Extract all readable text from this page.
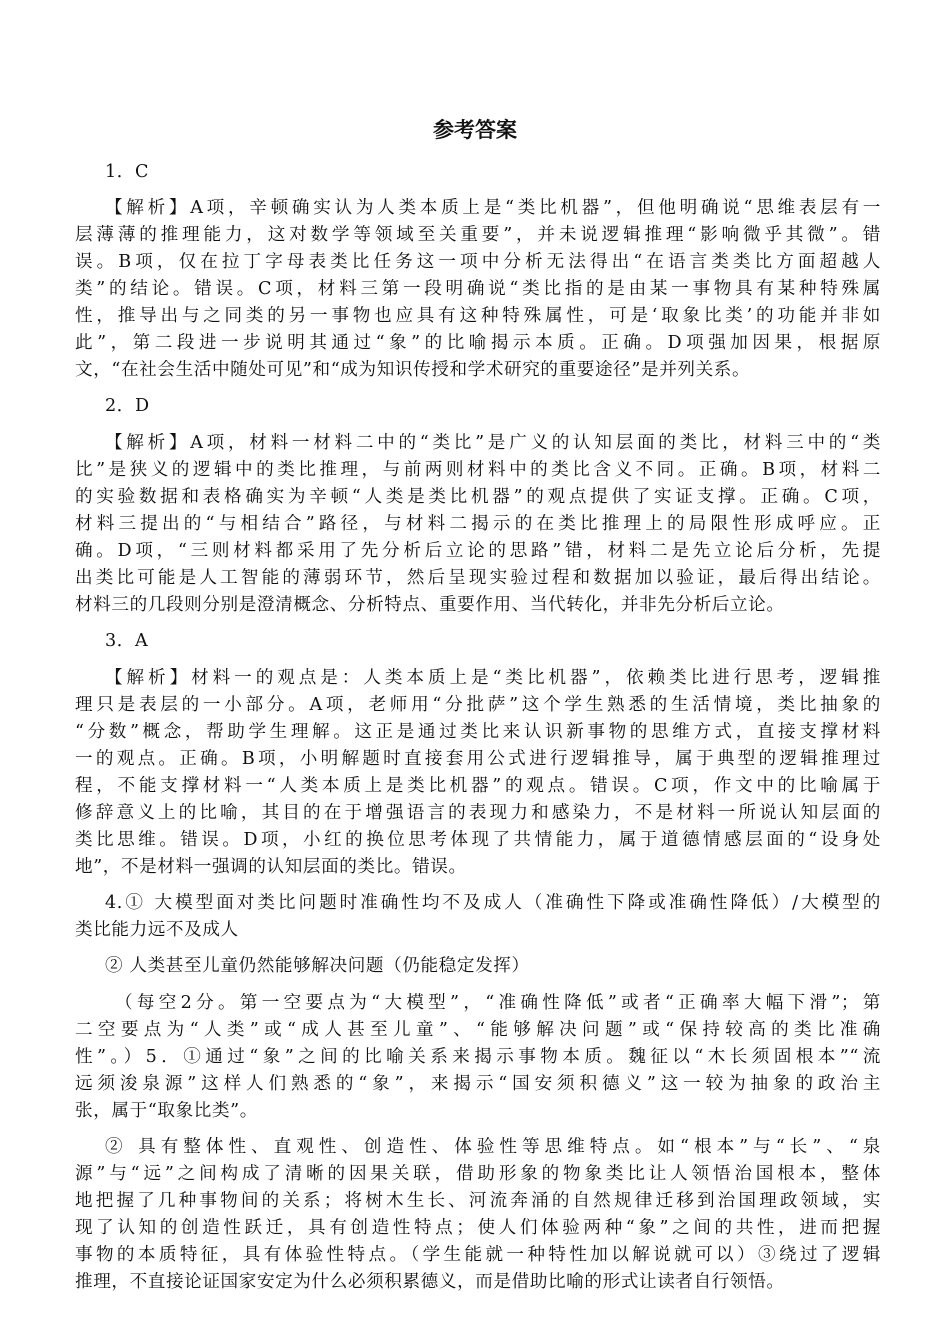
参考答案
1．C
【解析】A项，辛顿确实认为人类本质上是“类比机器”，但他明确说“思维表层有一
层薄薄的推理能力，这对数学等领域至关重要”，并未说逻辑推理“影响微乎其微”。错
误。B项，仅在拉丁字母表类比任务这一项中分析无法得出“在语言类类比方面超越人
类”的结论。错误。C项，材料三第一段明确说“类比指的是由某一事物具有某种特殊属
性，推导出与之同类的另一事物也应具有这种特殊属性，可是‘取象比类’的功能并非如
此”，第二段进一步说明其通过“象”的比喻揭示本质。正确。D项强加因果，根据原
文，“在社会生活中随处可见”和“成为知识传授和学术研究的重要途径”是并列关系。
2．D
【解析】A项，材料一材料二中的“类比”是广义的认知层面的类比，材料三中的“类
比”是狭义的逻辑中的类比推理，与前两则材料中的类比含义不同。正确。B项，材料二
的实验数据和表格确实为辛顿“人类是类比机器”的观点提供了实证支撑。正确。C项，
材料三提出的“与相结合”路径，与材料二揭示的在类比推理上的局限性形成呼应。正
确。D项，“三则材料都采用了先分析后立论的思路”错，材料二是先立论后分析，先提
出类比可能是人工智能的薄弱环节，然后呈现实验过程和数据加以验证，最后得出结论。
材料三的几段则分别是澄清概念、分析特点、重要作用、当代转化，并非先分析后立论。
3．A
【解析】材料一的观点是：人类本质上是“类比机器”，依赖类比进行思考，逻辑推
理只是表层的一小部分。A项，老师用“分批萨”这个学生熟悉的生活情境，类比抽象的
“分数”概念，帮助学生理解。这正是通过类比来认识新事物的思维方式，直接支撑材料
一的观点。正确。B项，小明解题时直接套用公式进行逻辑推导，属于典型的逻辑推理过
程，不能支撑材料一“人类本质上是类比机器”的观点。错误。C项，作文中的比喻属于
修辞意义上的比喻，其目的在于增强语言的表现力和感染力，不是材料一所说认知层面的
类比思维。错误。D项，小红的换位思考体现了共情能力，属于道德情感层面的“设身处
地”，不是材料一强调的认知层面的类比。错误。
4.① 大模型面对类比问题时准确性均不及成人（准确性下降或准确性降低）/大模型的
类比能力远不及成人
② 人类甚至儿童仍然能够解决问题（仍能稳定发挥）
（每空2分。第一空要点为“大模型”，“准确性降低”或者“正确率大幅下滑”；第
二空要点为“人类”或“成人甚至儿童”、“能够解决问题”或“保持较高的类比准确
性”。）5．①通过“象”之间的比喻关系来揭示事物本质。魏征以“木长须固根本”“流
远须浚泉源”这样人们熟悉的“象”，来揭示“国安须积德义”这一较为抽象的政治主
张，属于“取象比类”。
② 具有整体性、直观性、创造性、体验性等思维特点。如“根本”与“长”、“泉
源”与“远”之间构成了清晰的因果关联，借助形象的物象类比让人领悟治国根本，整体
地把握了几种事物间的关系；将树木生长、河流奔涌的自然规律迁移到治国理政领域，实
现了认知的创造性跃迁，具有创造性特点；使人们体验两种“象”之间的共性，进而把握
事物的本质特征，具有体验性特点。（学生能就一种特性加以解说就可以）③绕过了逻辑
推理，不直接论证国家安定为什么必须积累德义，而是借助比喻的形式让读者自行领悟。
